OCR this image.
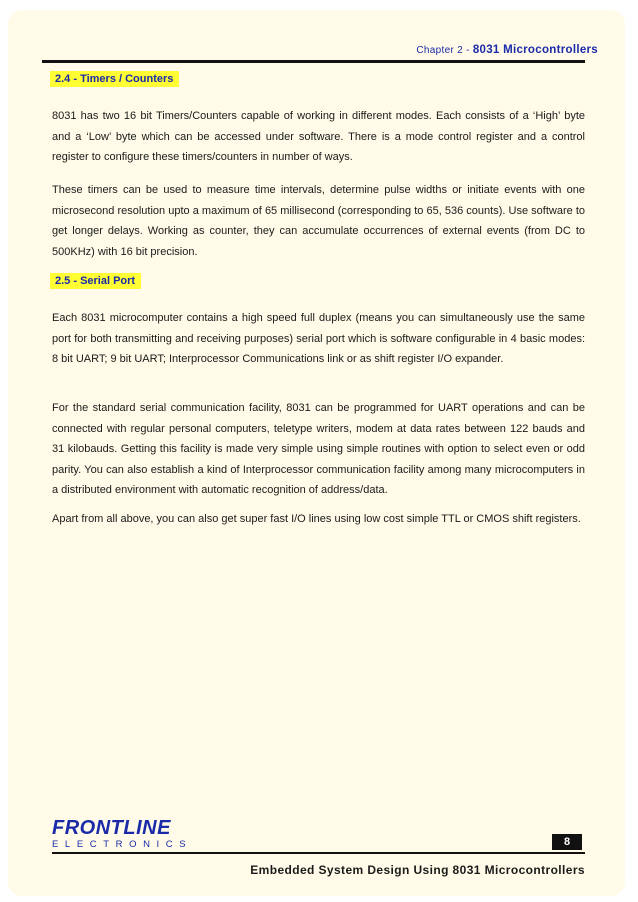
Chapter 2 - 8031 Microcontrollers
2.4 - Timers / Counters

8031 has two 16 bit Timers/Counters capable of working in different modes. Each consists of a ‘High’ byte and a ‘Low’ byte which can be accessed under software. There is a mode control register and a control register to configure these timers/counters in number of ways.

These timers can be used to measure time intervals, determine pulse widths or initiate events with one microsecond resolution upto a maximum of 65 millisecond (corresponding to 65, 536 counts). Use software to get longer delays. Working as counter, they can accumulate occurrences of external events (from DC to 500KHz) with 16 bit precision.

2.5 - Serial Port

Each 8031 microcomputer contains a high speed full duplex (means you can simultaneously use the same port for both transmitting and receiving purposes) serial port which is software configurable in 4 basic modes: 8 bit UART; 9 bit UART; Interprocessor Communications link or as shift register I/O expander.

For the standard serial communication facility, 8031 can be programmed for UART operations and can be connected with regular personal computers, teletype writers, modem at data rates between 122 bauds and 31 kilobauds. Getting this facility is made very simple using simple routines with option to select even or odd parity. You can also establish a kind of Interprocessor communication facility among many microcomputers in a distributed environment with automatic recognition of address/data.

Apart from all above, you can also get super fast I/O lines using low cost simple TTL or CMOS shift registers.

FRONTLINE
ELECTRONICS	8
Embedded System Design Using 8031 Microcontrollers
